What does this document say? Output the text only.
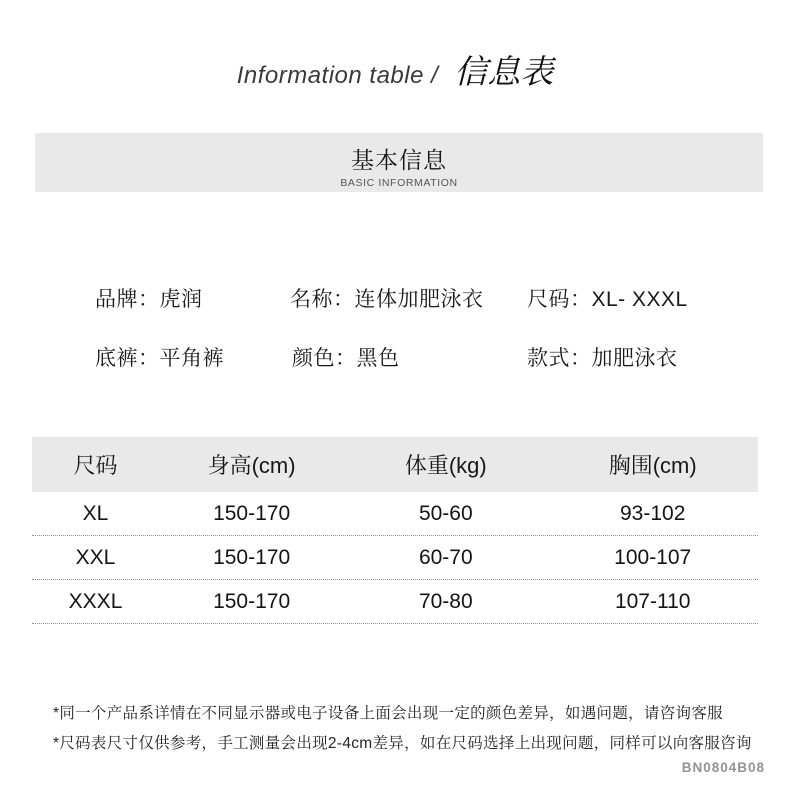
Information table / 信息表
基本信息
BASIC INFORMATION
品牌：虎润	名称：连体加肥泳衣 尺码：XL- XXXL
底裤：平角裤	颜色：黑色	款式：加肥泳衣
尺码	身高(cm)	体重(kg)	胸围(cm)
XL	150-170	50-60	93-102
XXL	150-170	60-70	100-107
XXXL	150-170	70-80	107-110

*同一个产品系详情在不同显示器或电子设备上面会出现一定的颜色差异，如遇问题，请咨询客服

*尺码表尺寸仅供参考，手工测量会出现2-4cm差异，如在尺码选择上出现问题，同样可以向客服咨询

BN0804B08
